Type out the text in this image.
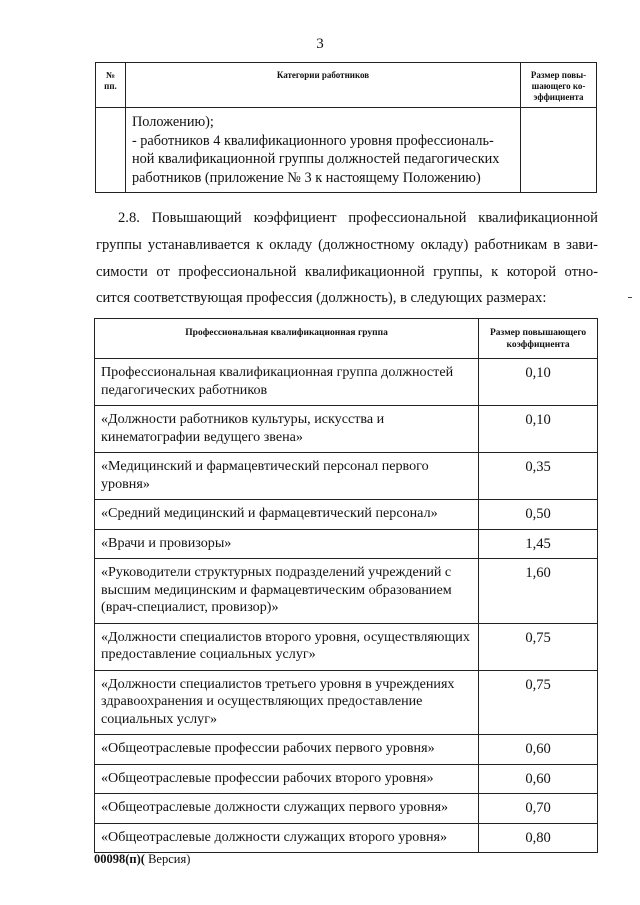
3
№
пп.	Категории работников	Размер повы-
шающего ко-
эффициента

	Положению);
- работников 4 квалификационного уровня профессиональ-
ной квалификационной группы должностей педагогических
работников (приложение № 3 к настоящему Положению)	

2.8. Повышающий коэффициент профессиональной квалификационной
группы устанавливается к окладу (должностному окладу) работникам в зави-
симости от профессиональной квалификационной группы, к которой отно-
сится соответствующая профессия (должность), в следующих размерах:
Профессиональная квалификационная группа	Размер повышающего
коэффициента
Профессиональная квалификационная группа должностей педагогических работников	0,10
«Должности работников культуры, искусства и кинематографии ведущего звена»	0,10
«Медицинский и фармацевтический персонал первого уровня»	0,35
«Средний медицинский и фармацевтический персонал»	0,50
«Врачи и провизоры»	1,45
«Руководители структурных подразделений учреждений с высшим медицинским и фармацевтическим образованием (врач-специалист, провизор)»	1,60
«Должности специалистов второго уровня, осуществляющих предоставление социальных услуг»	0,75
«Должности специалистов третьего уровня в учреждениях здравоохранения и осуществляющих предоставление социальных услуг»	0,75
«Общеотраслевые профессии рабочих первого уровня»	0,60
«Общеотраслевые профессии рабочих второго уровня»	0,60
«Общеотраслевые должности служащих первого уровня»	0,70
«Общеотраслевые должности служащих второго уровня»	0,80
00098(п)( Версия)
